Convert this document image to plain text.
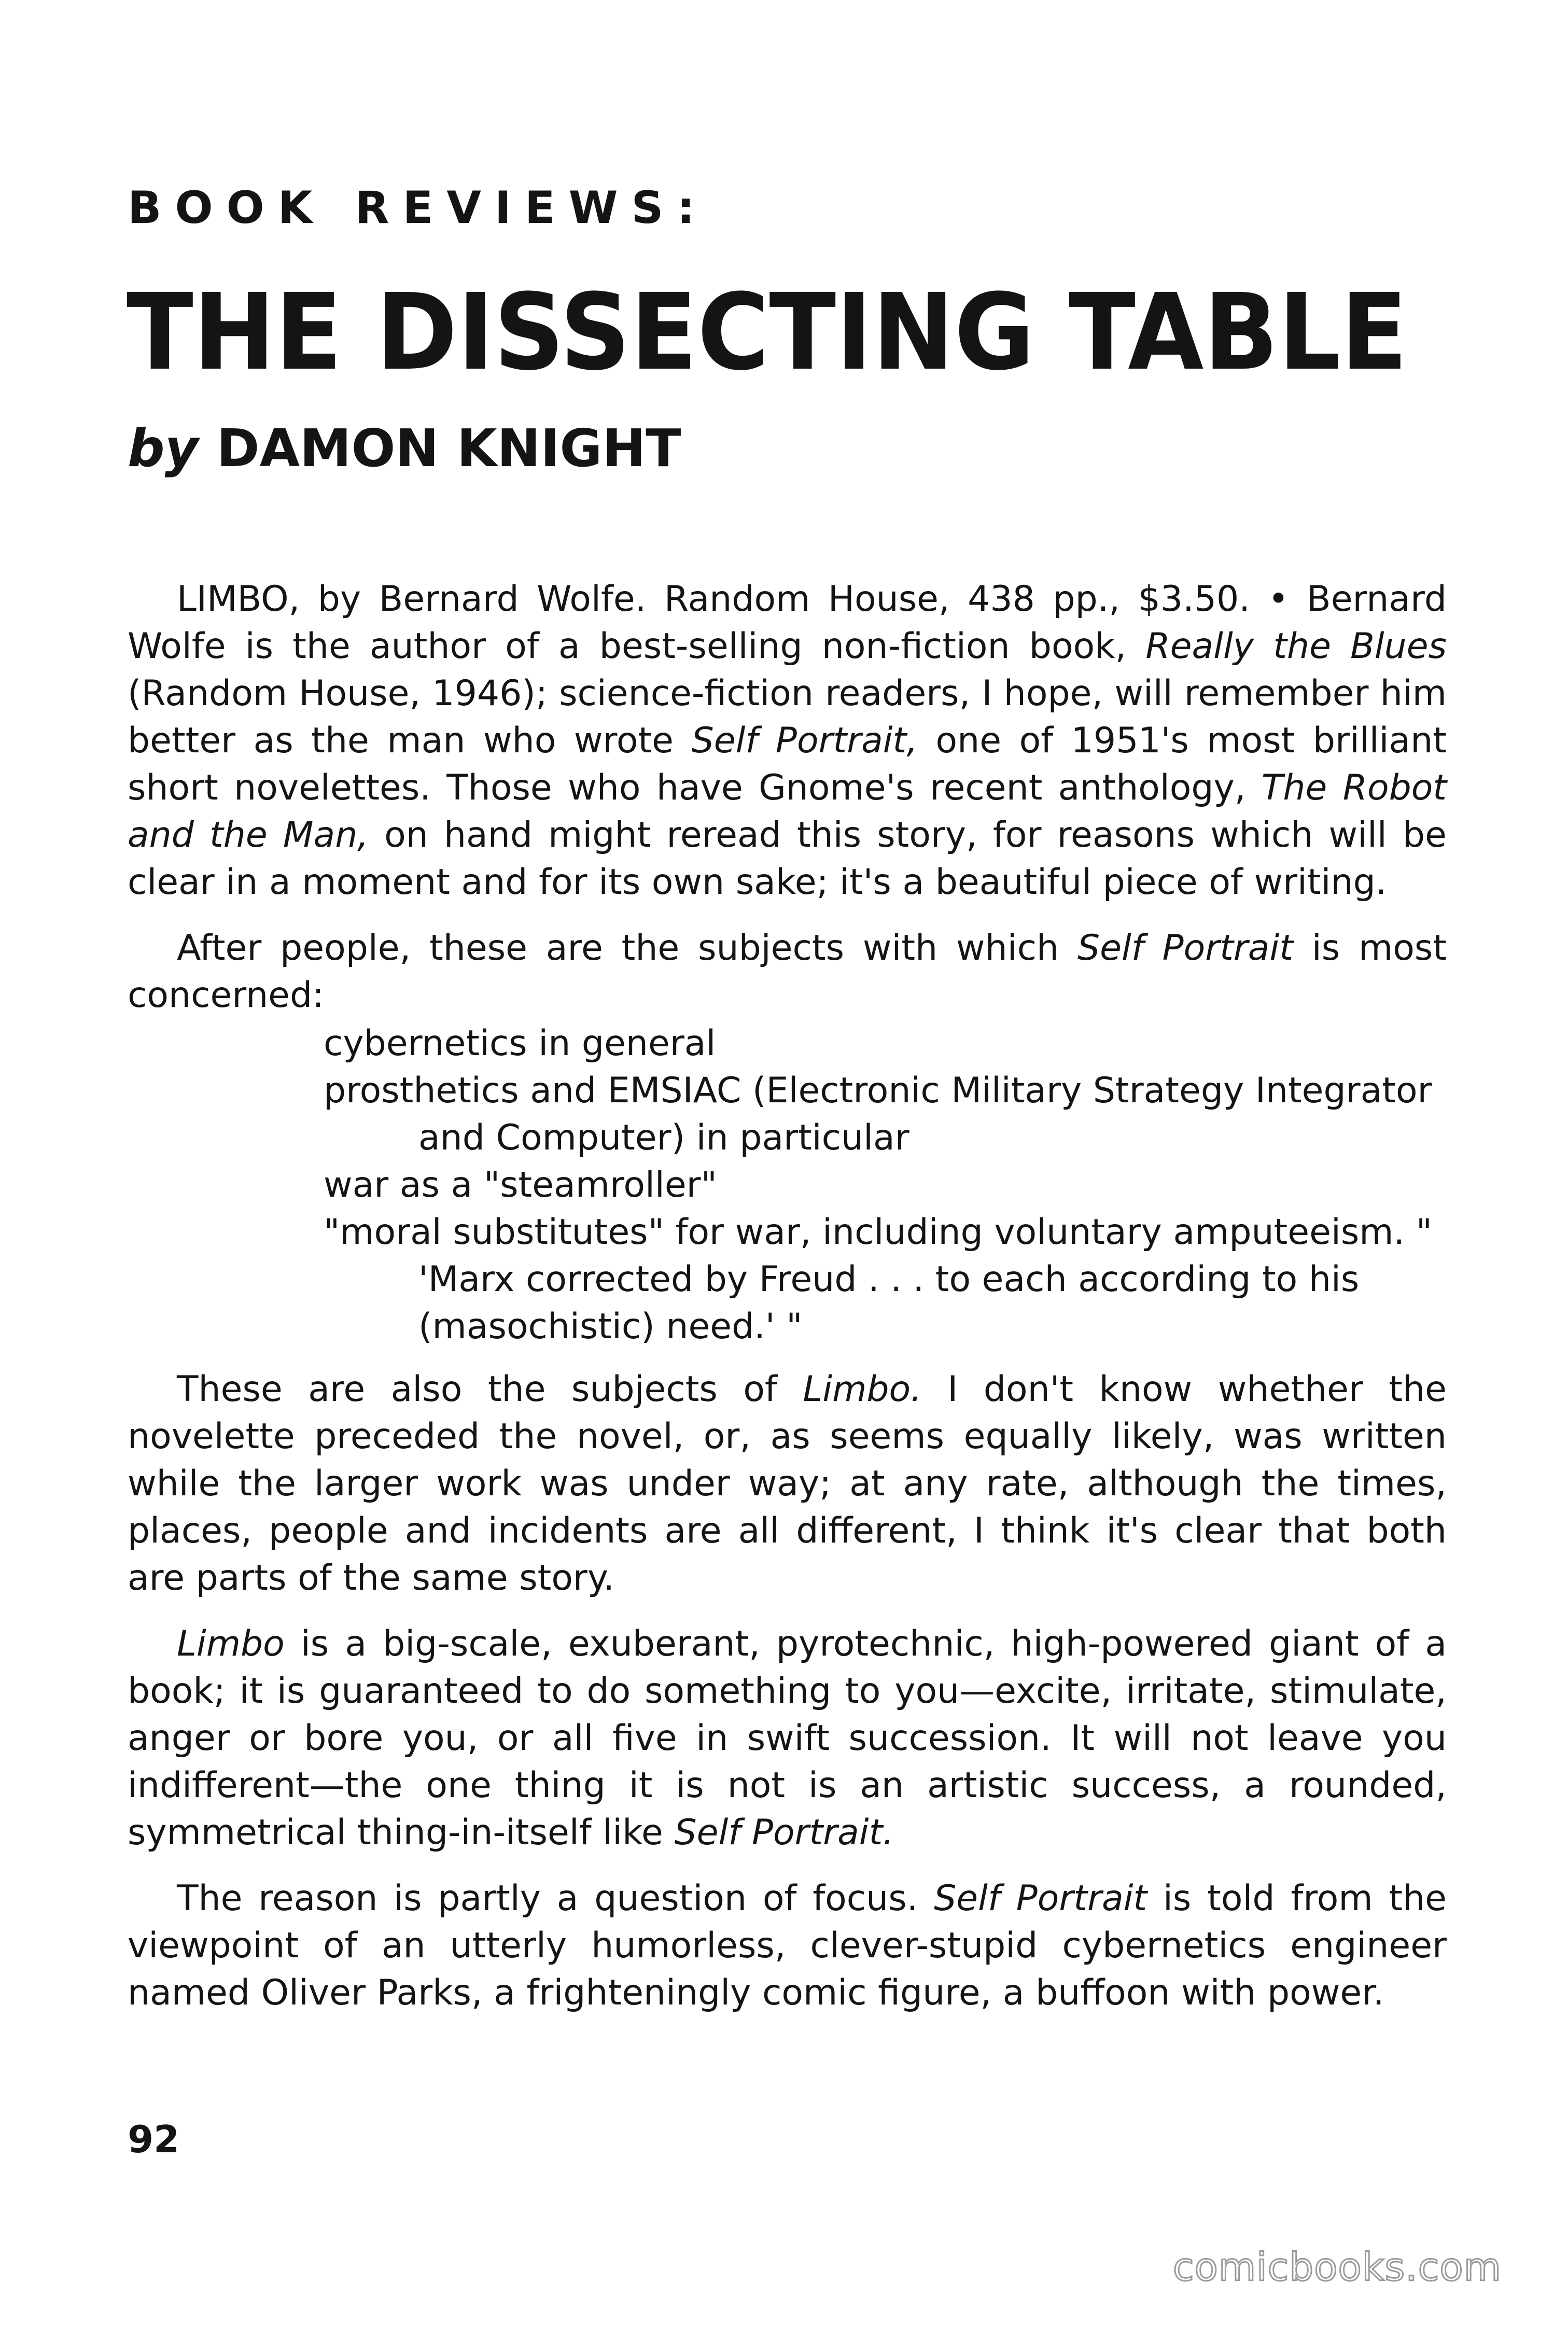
BOOK REVIEWS:
THE DISSECTING TABLE
by DAMON KNIGHT

LIMBO, by Bernard Wolfe. Random House, 438 pp., $3.50. • Bernard Wolfe is the author of a best-selling non-fiction book, Really the Blues (Random House, 1946); science-fiction readers, I hope, will remember him better as the man who wrote Self Portrait, one of 1951's most brilliant short novelettes. Those who have Gnome's recent anthology, The Robot and the Man, on hand might reread this story, for reasons which will be clear in a moment and for its own sake; it's a beautiful piece of writing.

After people, these are the subjects with which Self Portrait is most concerned:

cybernetics in general
prosthetics and EMSIAC (Electronic Military Strategy Integrator and Computer) in particular
war as a "steamroller"
"moral substitutes" for war, including voluntary amputeeism. " 'Marx corrected by Freud . . . to each according to his (masochistic) need.' "

These are also the subjects of Limbo. I don't know whether the novelette preceded the novel, or, as seems equally likely, was written while the larger work was under way; at any rate, although the times, places, people and incidents are all different, I think it's clear that both are parts of the same story.

Limbo is a big-scale, exuberant, pyrotechnic, high-powered giant of a book; it is guaranteed to do something to you—excite, irritate, stimulate, anger or bore you, or all five in swift succession. It will not leave you indifferent—the one thing it is not is an artistic success, a rounded, symmetrical thing-in-itself like Self Portrait.

The reason is partly a question of focus. Self Portrait is told from the viewpoint of an utterly humorless, clever-stupid cybernetics engineer named Oliver Parks, a frighteningly comic figure, a buffoon with power.

92
comicbooks.com
